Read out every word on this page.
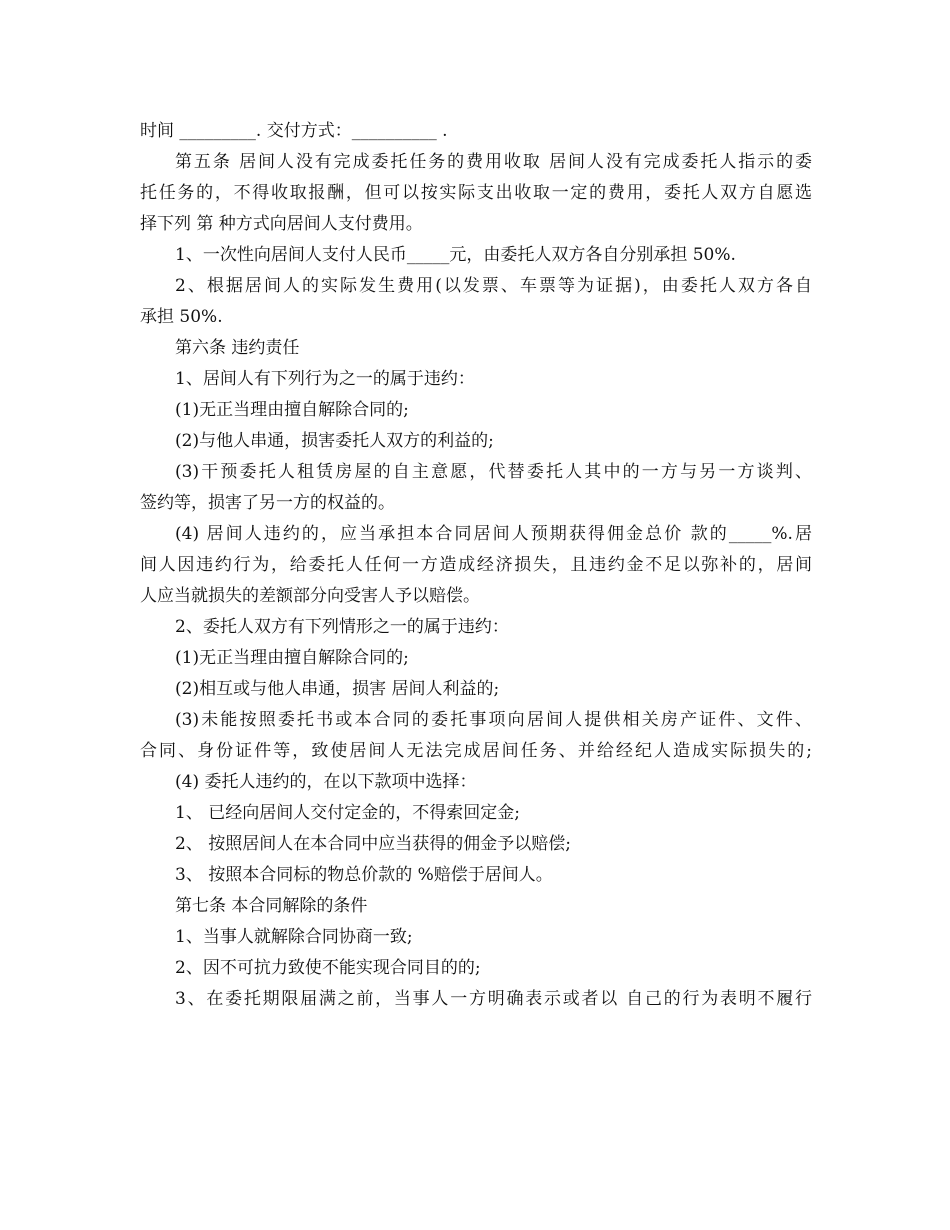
时间 _________. 交付方式：__________ .
第五条 居间人没有完成委托任务的费用收取 居间人没有完成委托人指示的委
托任务的，不得收取报酬，但可以按实际支出收取一定的费用，委托人双方自愿选
择下列 第 种方式向居间人支付费用。
1、一次性向居间人支付人民币_____元，由委托人双方各自分别承担 50%.
2、根据居间人的实际发生费用(以发票、车票等为证据)，由委托人双方各自
承担 50%.
第六条 违约责任
1、居间人有下列行为之一的属于违约：
(1)无正当理由擅自解除合同的;
(2)与他人串通，损害委托人双方的利益的;
(3)干预委托人租赁房屋的自主意愿，代替委托人其中的一方与另一方谈判、
签约等，损害了另一方的权益的。
(4) 居间人违约的，应当承担本合同居间人预期获得佣金总价 款的_____%.居
间人因违约行为，给委托人任何一方造成经济损失，且违约金不足以弥补的，居间
人应当就损失的差额部分向受害人予以赔偿。
2、委托人双方有下列情形之一的属于违约：
(1)无正当理由擅自解除合同的;
(2)相互或与他人串通，损害 居间人利益的;
(3)未能按照委托书或本合同的委托事项向居间人提供相关房产证件、文件、
合同、身份证件等，致使居间人无法完成居间任务、并给经纪人造成实际损失的;
(4) 委托人违约的，在以下款项中选择：
1、 已经向居间人交付定金的，不得索回定金;
2、 按照居间人在本合同中应当获得的佣金予以赔偿;
3、 按照本合同标的物总价款的 %赔偿于居间人。
第七条 本合同解除的条件
1、当事人就解除合同协商一致;
2、因不可抗力致使不能实现合同目的的;
3、在委托期限届满之前，当事人一方明确表示或者以 自己的行为表明不履行
